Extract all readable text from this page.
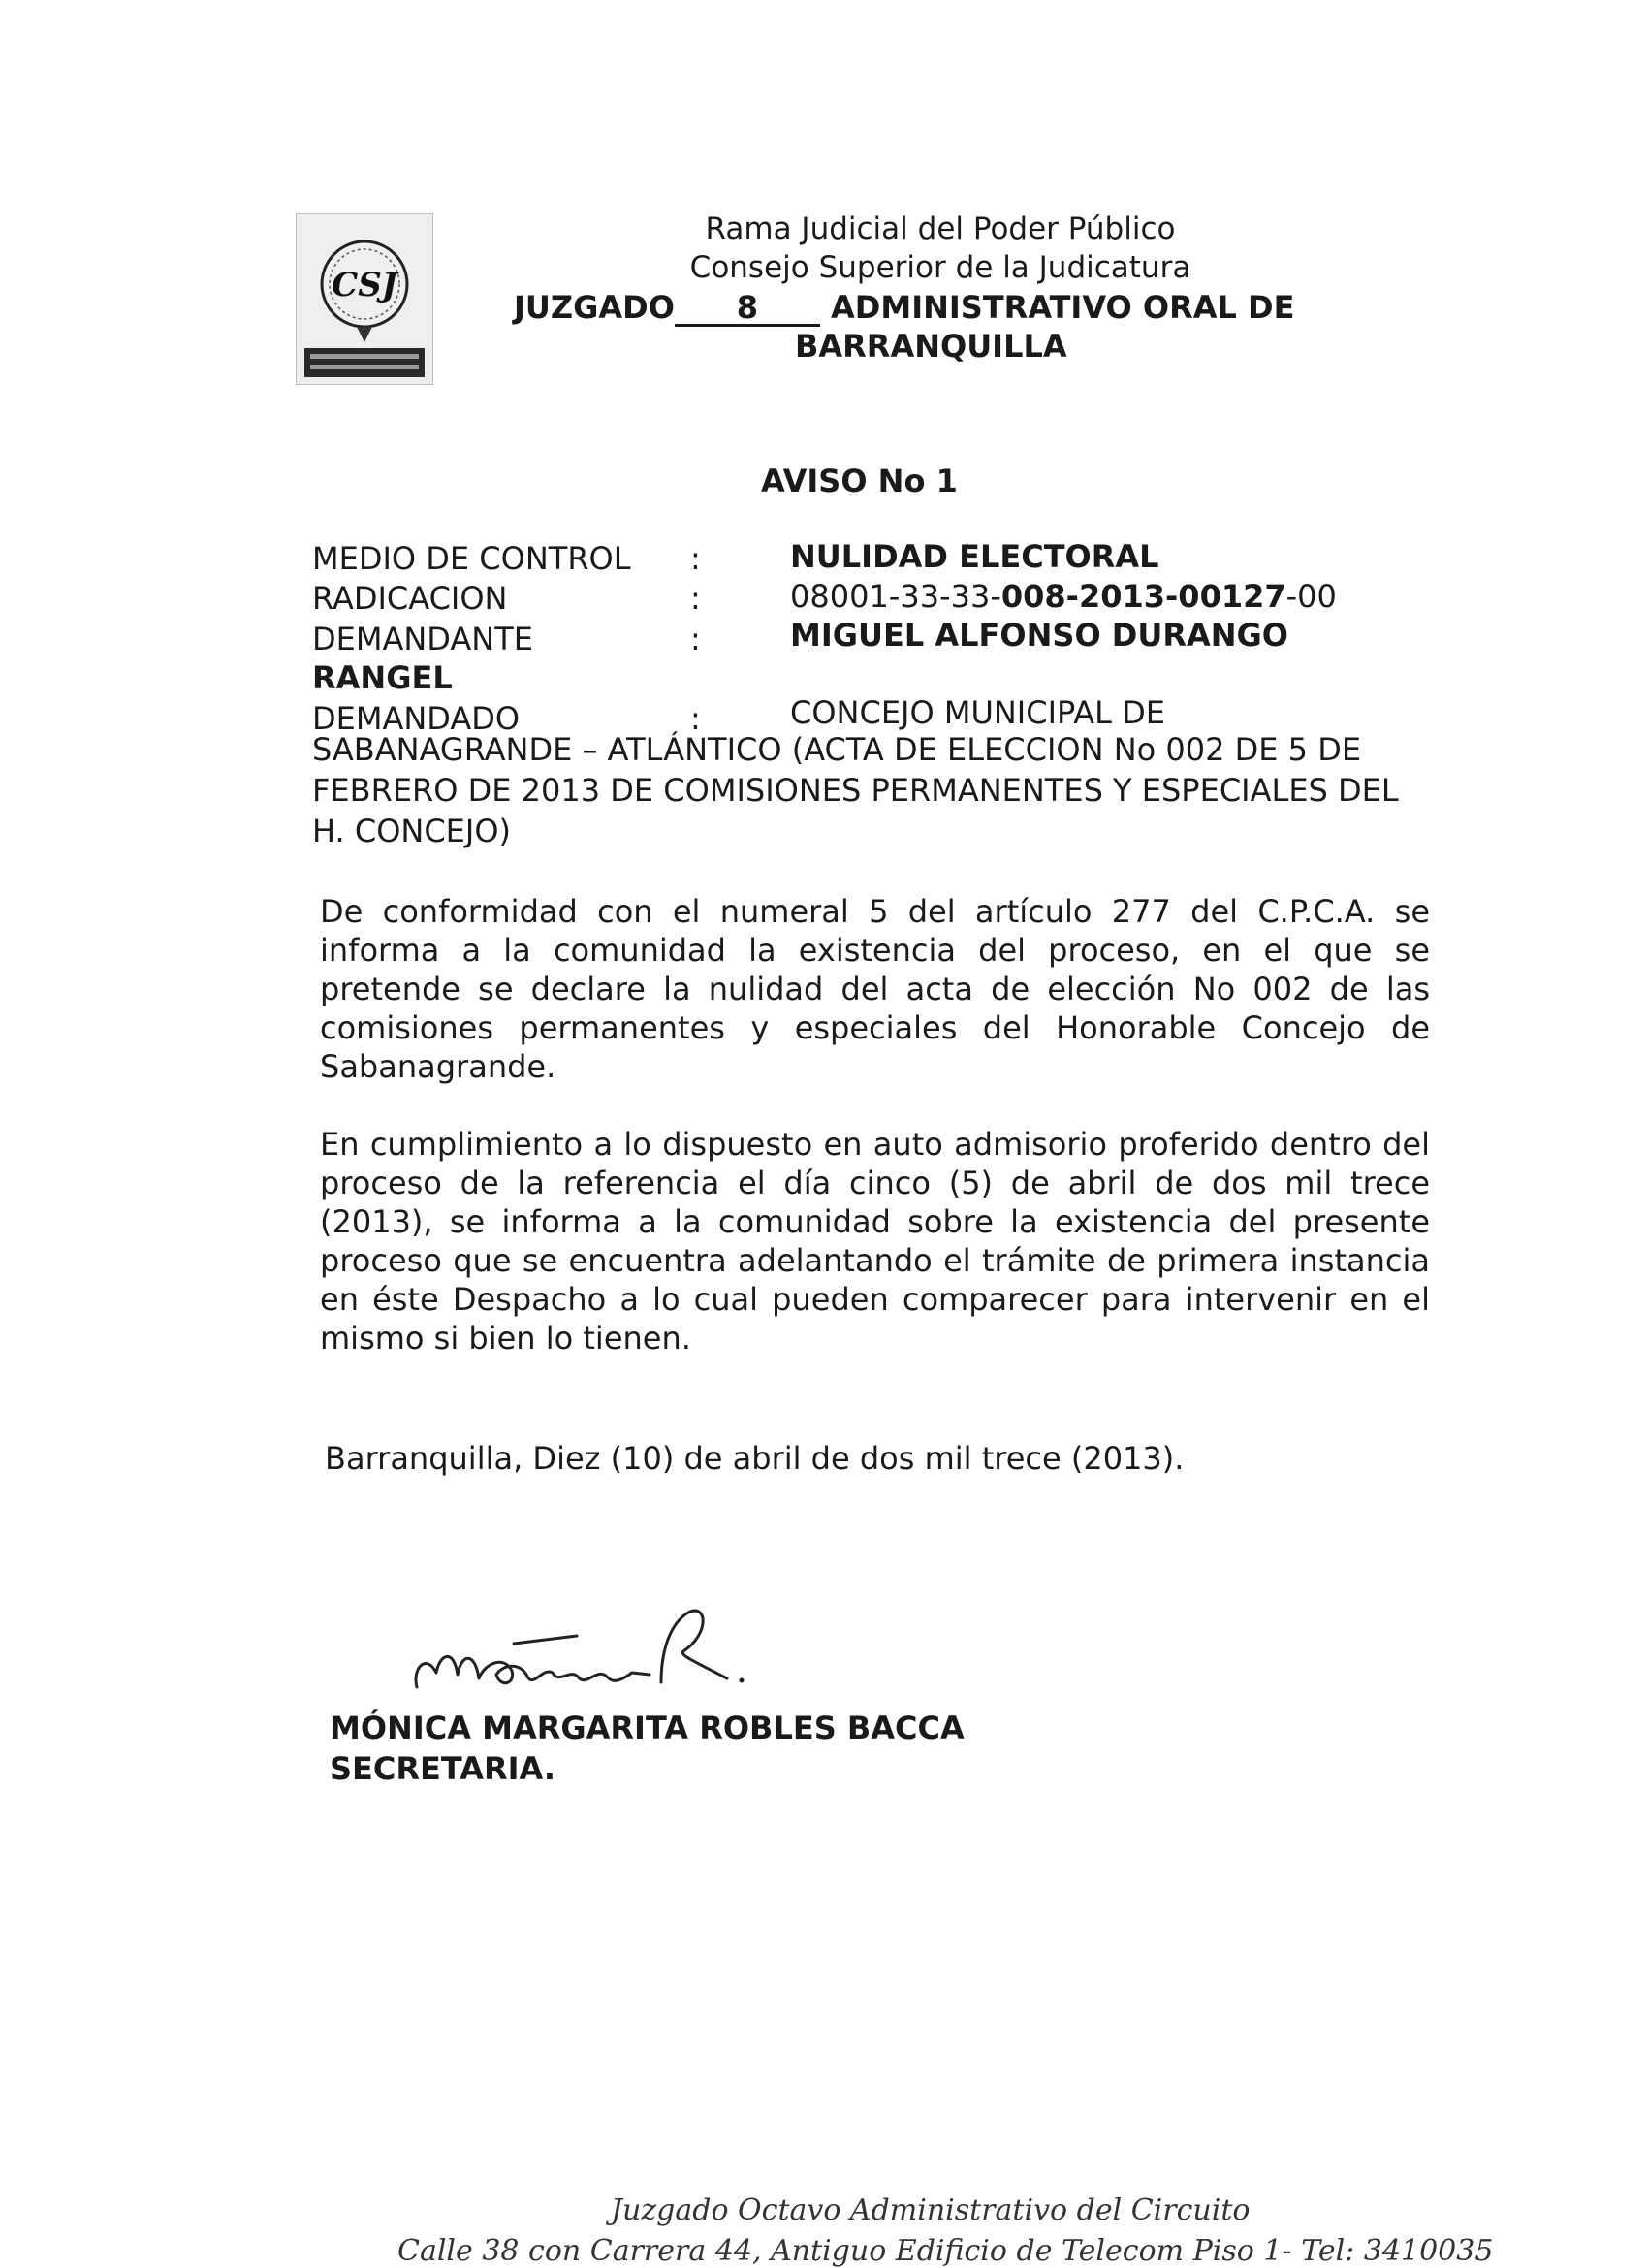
CSJ
Rama Judicial del Poder Público
Consejo Superior de la Judicatura
JUZGADO 8 ADMINISTRATIVO ORAL DE
BARRANQUILLA
AVISO No 1
MEDIO DE CONTROL :	NULIDAD ELECTORAL
RADICACION	:	08001-33-33-008-2013-00127-00
DEMANDANTE	:	MIGUEL ALFONSO DURANGO
RANGEL
DEMANDADO	:	CONCEJO MUNICIPAL DE
SABANAGRANDE – ATLÁNTICO (ACTA DE ELECCION No 002 DE 5 DE FEBRERO DE 2013 DE COMISIONES PERMANENTES Y ESPECIALES DEL H. CONCEJO)
De conformidad con el numeral 5 del artículo 277 del C.P.C.A. se informa a la comunidad la existencia del proceso, en el que se pretende se declare la nulidad del acta de elección No 002 de las comisiones permanentes y especiales del Honorable Concejo de Sabanagrande.
En cumplimiento a lo dispuesto en auto admisorio proferido dentro del proceso de la referencia el día cinco (5) de abril de dos mil trece (2013), se informa a la comunidad sobre la existencia del presente proceso que se encuentra adelantando el trámite de primera instancia en éste Despacho a lo cual pueden comparecer para intervenir en el mismo si bien lo tienen.
Barranquilla, Diez (10) de abril de dos mil trece (2013).
MÓNICA MARGARITA ROBLES BACCA
SECRETARIA.
Juzgado Octavo Administrativo del Circuito
Calle 38 con Carrera 44, Antiguo Edificio de Telecom Piso 1- Tel: 3410035
